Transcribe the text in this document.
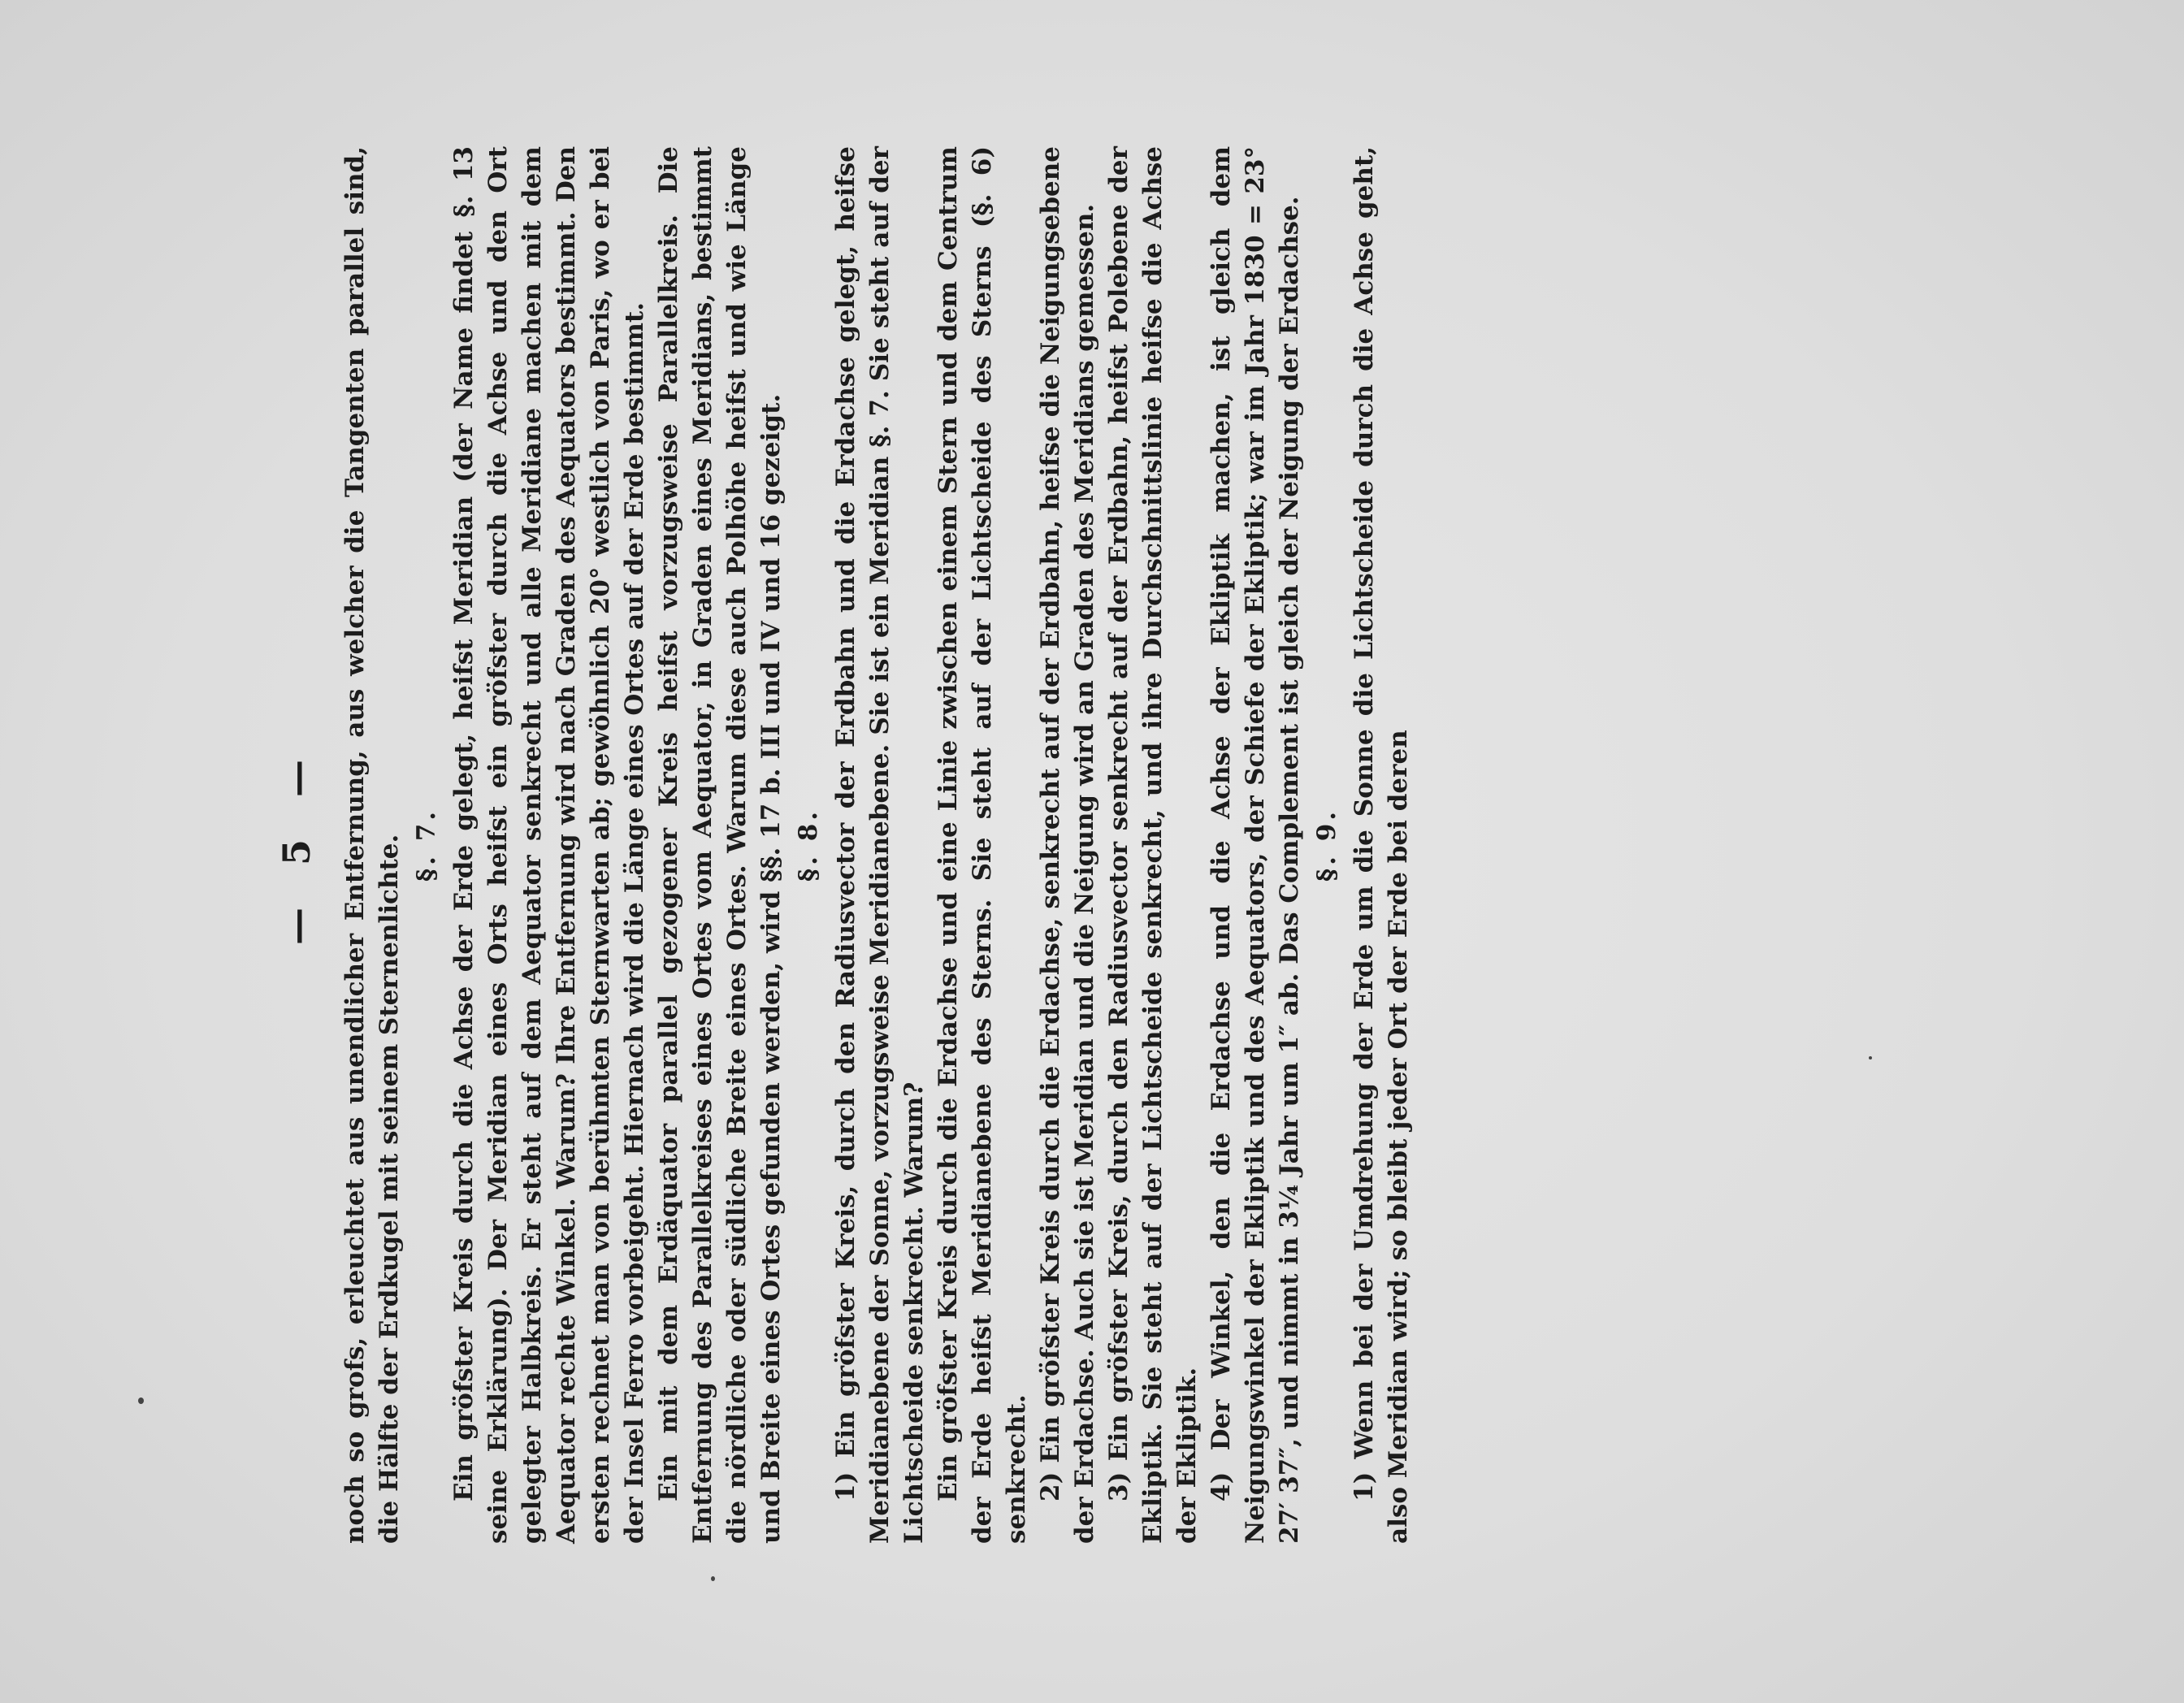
— 5 — noch so grofs, erleuchtet aus unendlicher Entfernung, aus welcher die Tangenten parallel sind, die Hälfte der Erdkugel mit seinem Sternenlichte. §. 7. Ein gröfster Kreis durch die Achse der Erde gelegt, heifst Meridian (der Name findet §. 13 seine Erklärung). Der Meridian eines Orts heifst ein gröfster durch die Achse und den Ort gelegter Halbkreis. Er steht auf dem Aequator senkrecht und alle Meridiane machen mit dem Aequator rechte Winkel. Warum? Ihre Entfernung wird nach Graden des Aequators bestimmt. Den ersten rechnet man von berühmten Sternwarten ab; gewöhnlich 20° westlich von Paris, wo er bei der Insel Ferro vorbeigeht. Hiernach wird die Länge eines Ortes auf der Erde bestimmt. Ein mit dem Erdäquator parallel gezogener Kreis heifst vorzugsweise Parallelkreis. Die Entfernung des Parallelkreises eines Ortes vom Aequator, in Graden eines Meridians, bestimmt die nördliche oder südliche Breite eines Ortes. Warum diese auch Polhöhe heifst und wie Länge und Breite eines Ortes gefunden werden, wird §§. 17 b. III und IV und 16 gezeigt. §. 8. 1) Ein gröfster Kreis, durch den Radiusvector der Erdbahn und die Erdachse gelegt, heifse Meridianebene der Sonne, vorzugsweise Meridianebene. Sie ist ein Meridian §. 7. Sie steht auf der Lichtscheide senkrecht. Warum? Ein gröfster Kreis durch die Erdachse und eine Linie zwischen einem Stern und dem Centrum der Erde heifst Meridianebene des Sterns. Sie steht auf der Lichtscheide des Sterns (§. 6) senkrecht. 2) Ein gröfster Kreis durch die Erdachse, senkrecht auf der Erdbahn, heifse die Neigungsebene der Erdachse. Auch sie ist Meridian und die Neigung wird an Graden des Meridians gemessen. 3) Ein gröfster Kreis, durch den Radiusvector senkrecht auf der Erdbahn, heifst Polebene der Ekliptik. Sie steht auf der Lichtscheide senkrecht, und ihre Durchschnittslinie heifse die Achse der Ekliptik. 4) Der Winkel, den die Erdachse und die Achse der Ekliptik machen, ist gleich dem Neigungswinkel der Ekliptik und des Aequators, der Schiefe der Ekliptik; war im Jahr 1830 = 23° 27′ 37″, und nimmt in 3¼ Jahr um 1″ ab. Das Complement ist gleich der Neigung der Erdachse. §. 9. 1) Wenn bei der Umdrehung der Erde um die Sonne die Lichtscheide durch die Achse geht, also Meridian wird; so bleibt jeder Ort der Erde bei deren
